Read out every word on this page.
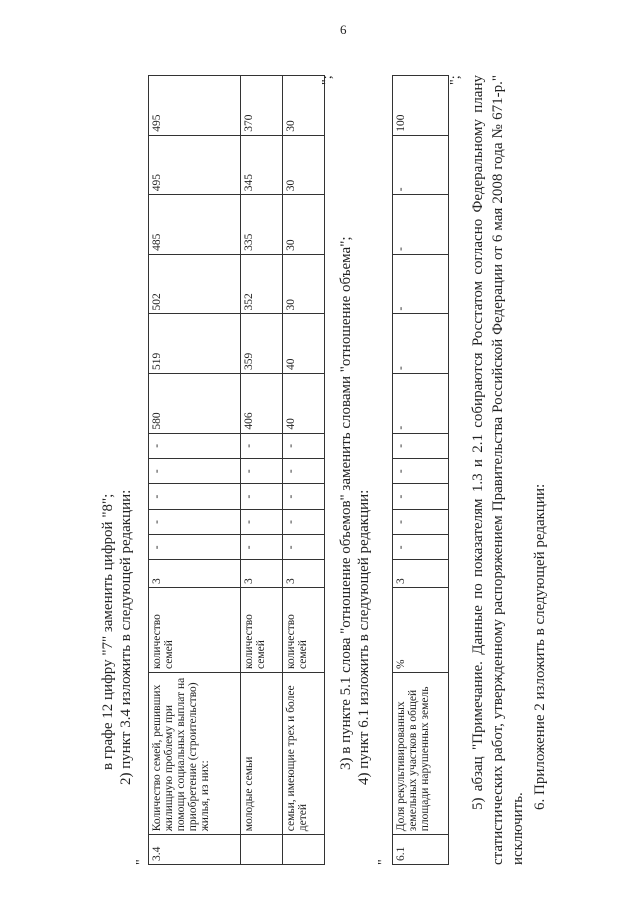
6
в графе 12 цифру "7" заменить цифрой "8"; 2) пункт 3.4 изложить в следующей редакции:
"
3.4	Количество семей, решивших жилищную проблему при помощи социальных выплат на приобретение (строительство) жилья, из них:	количество семей	3	-	-	-	-	-	580	519	502	485	495	495
	молодые семьи	количество семей	3	-	-	-	-	-	406	359	352	335	345	370
	семьи, имеющие трех и более детей	количество семей	3	-	-	-	-	-	40	40	30	30	30	30
";
3) в пункте 5.1 слова "отношение объемов" заменить словами "отношение объема"; 4) пункт 6.1 изложить в следующей редакции:
"
6.1	Доля рекультивированных земельных участков в общей площади нарушенных земель	%	3	-	-	-	-	-	-	-	-	-	-	100
"; 5) абзац "Примечание. Данные по показателям 1.3 и 2.1 собираются Росстатом согласно Федеральному плану статистических работ, утвержденному распоряжением Правительства Российской Федерации от 6 мая 2008 года № 671-р." исключить.
6. Приложение 2 изложить в следующей редакции:
